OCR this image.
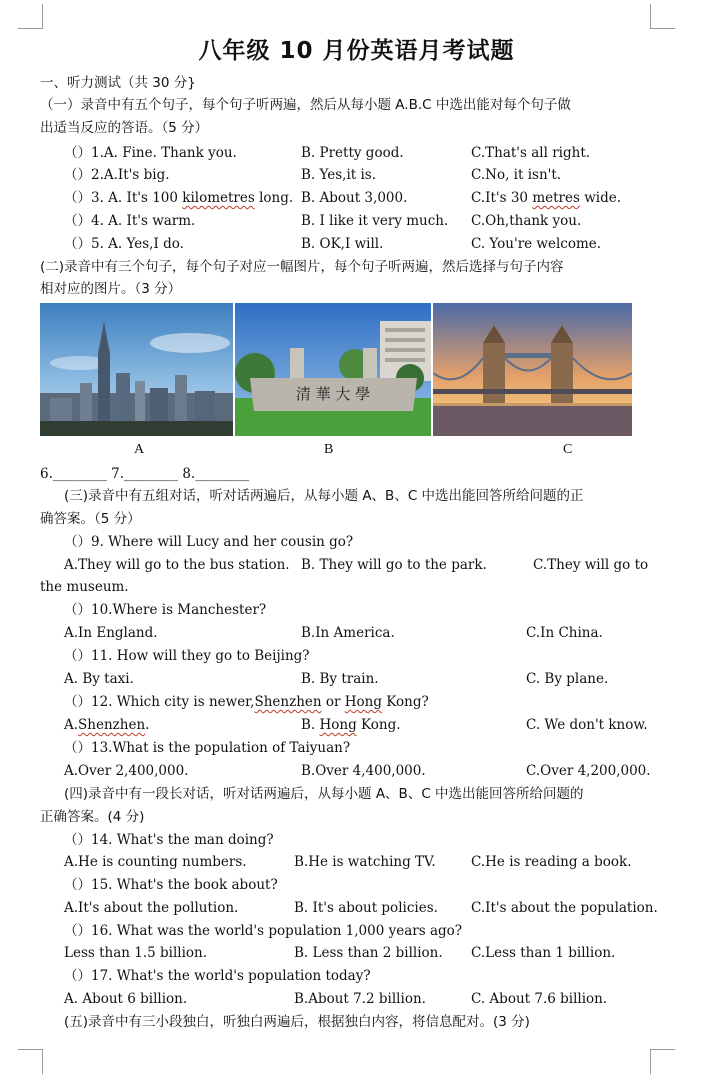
八年级 10 月份英语月考试题
一、听力测试（共 30 分}
（一）录音中有五个句子，每个句子听两遍，然后从每小题 A.B.C 中选出能对每个句子做
出适当反应的答语。（5 分）
（）1.A. Fine. Thank you.	B. Pretty good.	C.That's all right.
（）2.A.It's big.	B. Yes,it is.	C.No, it isn't.
（）3. A. It's 100 kilometres long. B. About 3,000.	C.It's 30 metres wide.
（）4. A. It's warm.	B. I like it very much. C.Oh,thank you.
（）5. A. Yes,I do.	B. OK,I will.	C. You're welcome.
(二)录音中有三个句子，每个句子对应一幅图片，每个句子听两遍，然后选择与句子内容
相对应的图片。（3 分）
清 華 大 學
A	B	C
6.________ 7.________ 8.________
(三)录音中有五组对话，听对话两遍后，从每小题 A、B、C 中选出能回答所给问题的正
确答案。（5 分）
（）9. Where will Lucy and her cousin go?
A.They will go to the bus station. B. They will go to the park.	C.They will go to
the museum.
（）10.Where is Manchester?
A.In England.	B.In America.	C.In China.
（）11. How will they go to Beijing?
A. By taxi.	B. By train.	C. By plane.
（）12. Which city is newer,Shenzhen or Hong Kong?
A.Shenzhen.	B. Hong Kong.	C. We don't know.
（）13.What is the population of Taiyuan?
A.Over 2,400,000.	B.Over 4,400,000.	C.Over 4,200,000.
(四)录音中有一段长对话，听对话两遍后，从每小题 A、B、C 中选出能回答所给问题的
正确答案。(4 分)
（）14. What's the man doing?
A.He is counting numbers.	B.He is watching TV.	C.He is reading a book.
（）15. What's the book about?
A.It's about the pollution.	B. It's about policies. C.It's about the population.
（）16. What was the world's population 1,000 years ago?
Less than 1.5 billion.	B. Less than 2 billion. C.Less than 1 billion.
（）17. What's the world's population today?
A. About 6 billion.	B.About 7.2 billion.	C. About 7.6 billion.
(五)录音中有三小段独白，听独白两遍后，根据独白内容，将信息配对。(3 分)
